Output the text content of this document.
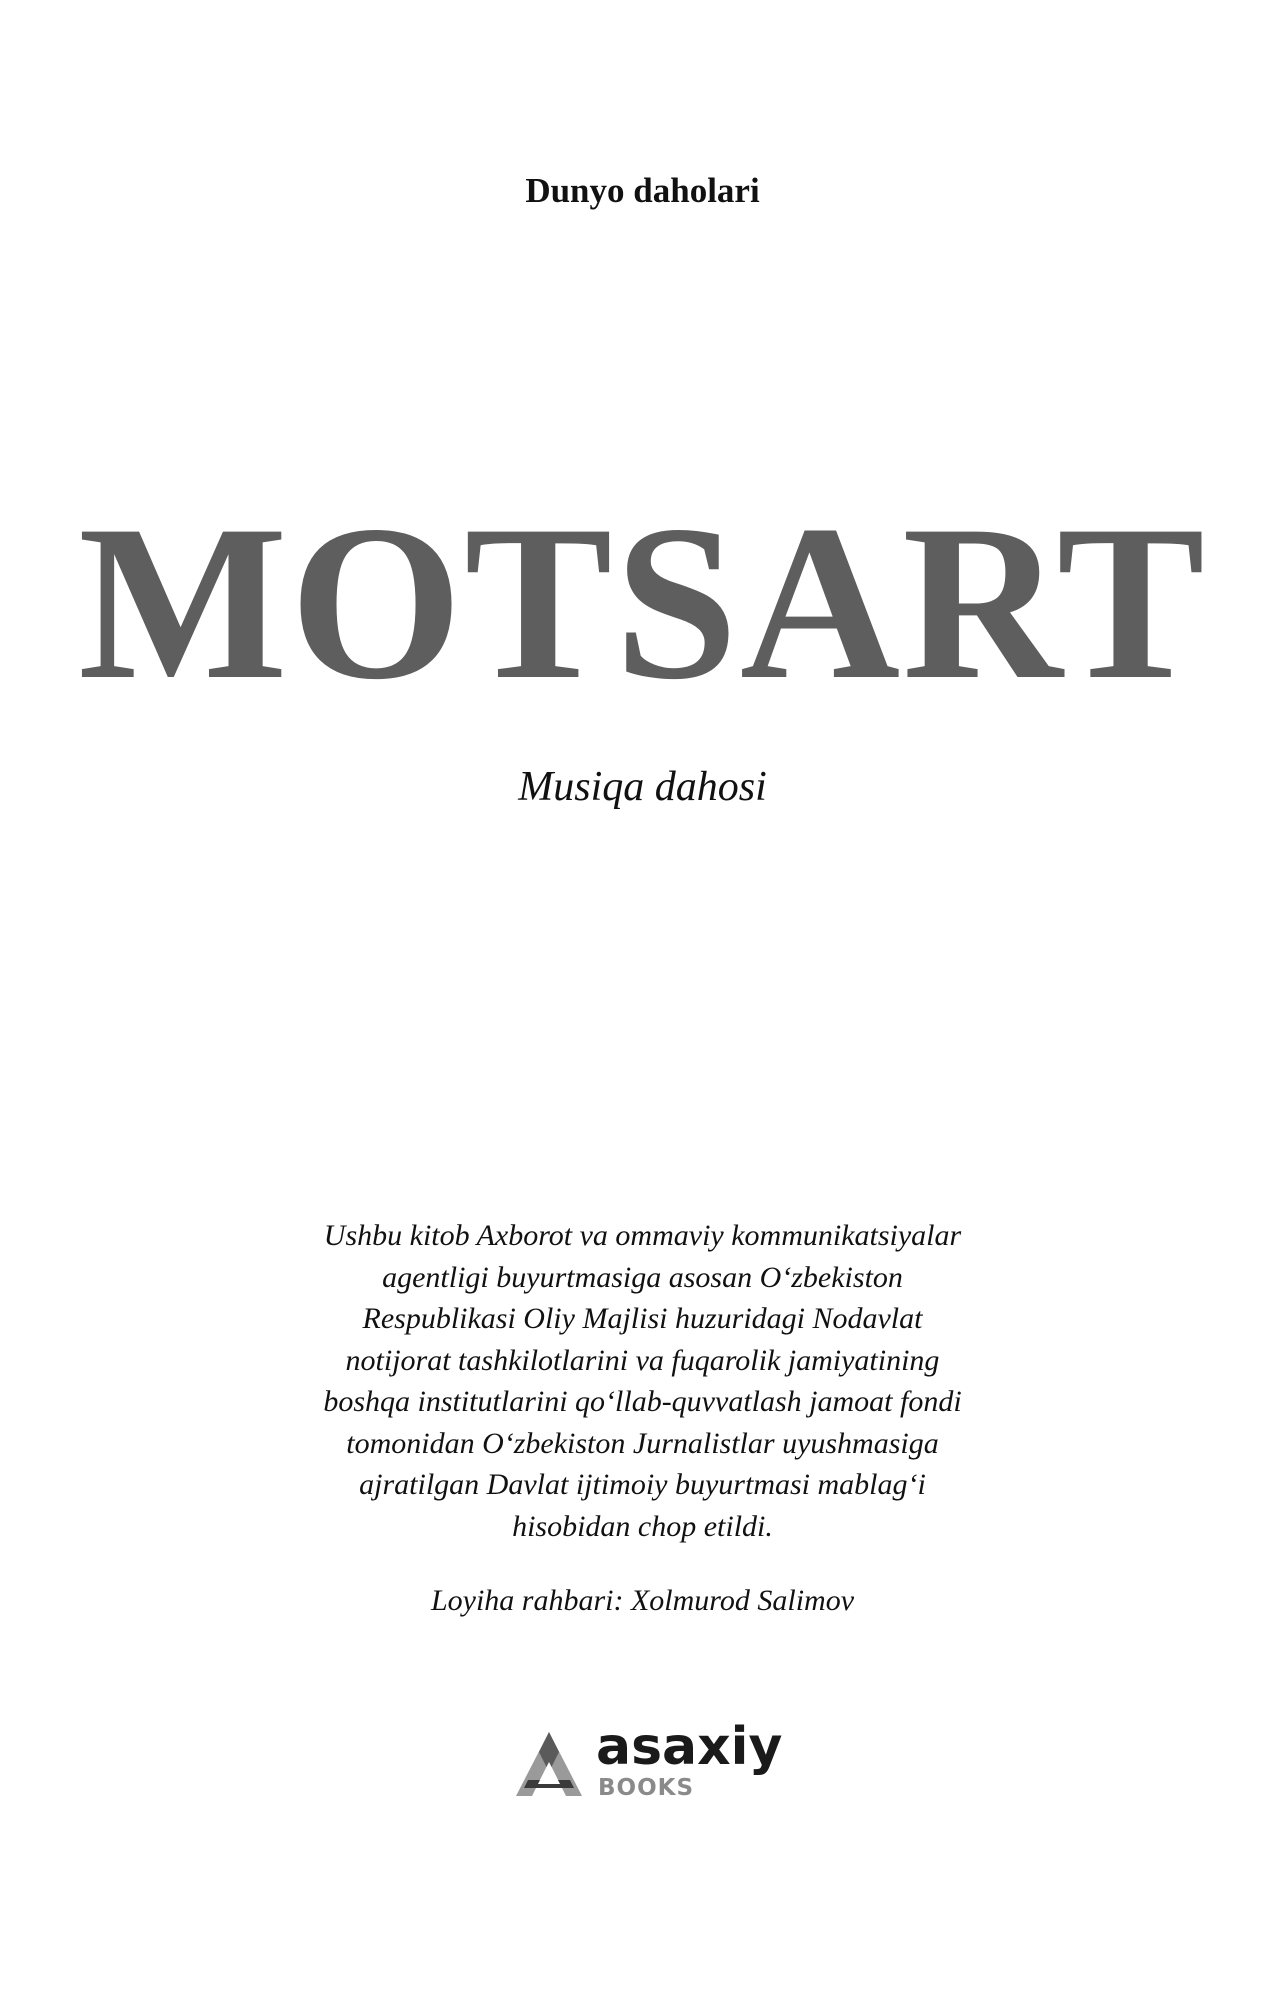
Dunyo daholari
MOTSART
Musiqa dahosi

Ushbu kitob Axborot va ommaviy kommunikatsiyalar
agentligi buyurtmasiga asosan O‘zbekiston
Respublikasi Oliy Majlisi huzuridagi Nodavlat
notijorat tashkilotlarini va fuqarolik jamiyatining
boshqa institutlarini qo‘llab-quvvatlash jamoat fondi
tomonidan O‘zbekiston Jurnalistlar uyushmasiga
ajratilgan Davlat ijtimoiy buyurtmasi mablag‘i
hisobidan chop etildi.

Loyiha rahbari: Xolmurod Salimov
asaxiy
BOOKS
